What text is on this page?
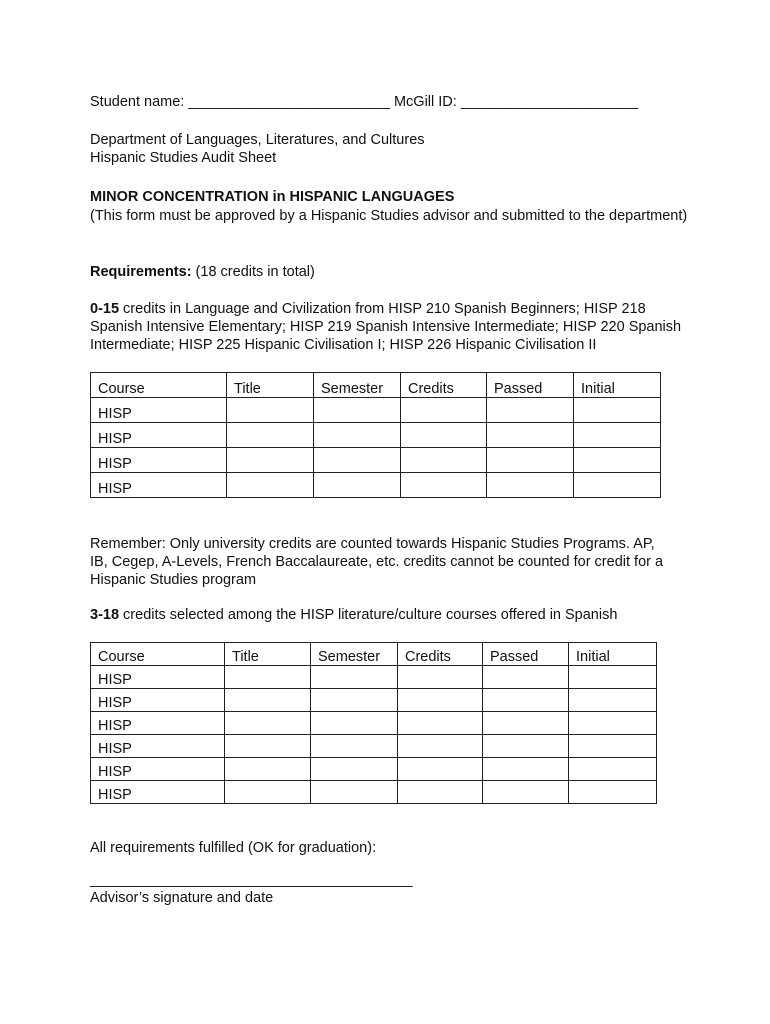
Student name: _________________________ McGill ID: ______________________
Department of Languages, Literatures, and Cultures
Hispanic Studies Audit Sheet
MINOR CONCENTRATION in HISPANIC LANGUAGES
(This form must be approved by a Hispanic Studies advisor and submitted to the department)
Requirements: (18 credits in total)
0-15 credits in Language and Civilization from HISP 210 Spanish Beginners; HISP 218 Spanish Intensive Elementary; HISP 219 Spanish Intensive Intermediate; HISP 220 Spanish Intermediate; HISP 225 Hispanic Civilisation I; HISP 226 Hispanic Civilisation II
Course	Title	Semester	Credits	Passed	Initial
HISP					
HISP					
HISP					
HISP					
Remember: Only university credits are counted towards Hispanic Studies Programs. AP, IB, Cegep, A-Levels, French Baccalaureate, etc. credits cannot be counted for credit for a Hispanic Studies program
3-18 credits selected among the HISP literature/culture courses offered in Spanish
Course	Title	Semester	Credits	Passed	Initial
HISP					
HISP					
HISP					
HISP					
HISP					
HISP					
All requirements fulfilled (OK for graduation):
________________________________________
Advisor’s signature and date
